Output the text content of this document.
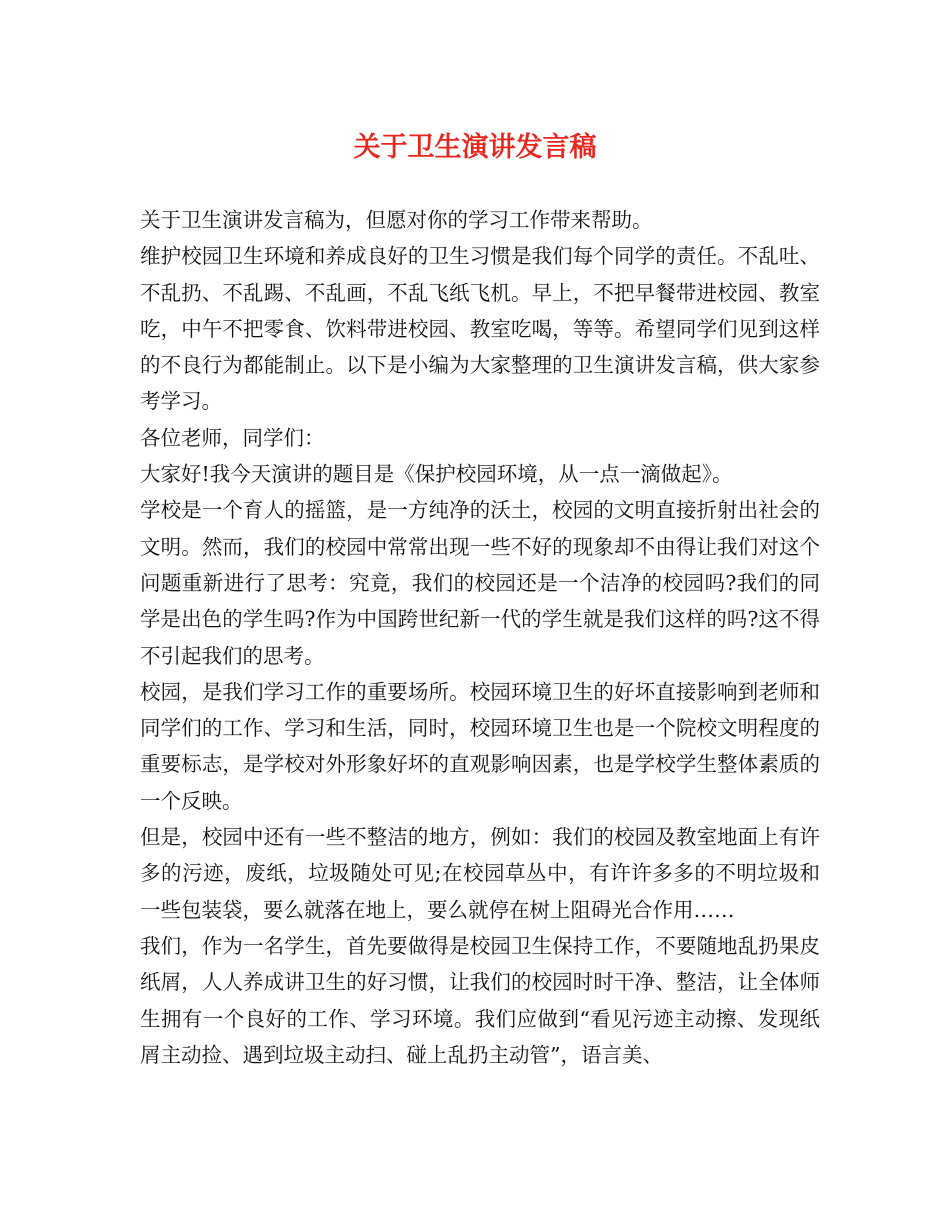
关于卫生演讲发言稿

关于卫生演讲发言稿为，但愿对你的学习工作带来帮助。

维护校园卫生环境和养成良好的卫生习惯是我们每个同学的责任。不乱吐、不乱扔、不乱踢、不乱画，不乱飞纸飞机。早上，不把早餐带进校园、教室吃，中午不把零食、饮料带进校园、教室吃喝，等等。希望同学们见到这样的不良行为都能制止。以下是小编为大家整理的卫生演讲发言稿，供大家参考学习。

各位老师，同学们：

大家好!我今天演讲的题目是《保护校园环境，从一点一滴做起》。

学校是一个育人的摇篮，是一方纯净的沃土，校园的文明直接折射出社会的文明。然而，我们的校园中常常出现一些不好的现象却不由得让我们对这个问题重新进行了思考：究竟，我们的校园还是一个洁净的校园吗?我们的同学是出色的学生吗?作为中国跨世纪新一代的学生就是我们这样的吗?这不得不引起我们的思考。

校园，是我们学习工作的重要场所。校园环境卫生的好坏直接影响到老师和同学们的工作、学习和生活，同时，校园环境卫生也是一个院校文明程度的重要标志，是学校对外形象好坏的直观影响因素，也是学校学生整体素质的一个反映。

但是，校园中还有一些不整洁的地方，例如：我们的校园及教室地面上有许多的污迹，废纸，垃圾随处可见;在校园草丛中，有许许多多的不明垃圾和一些包装袋，要么就落在地上，要么就停在树上阻碍光合作用……

我们，作为一名学生，首先要做得是校园卫生保持工作，不要随地乱扔果皮纸屑，人人养成讲卫生的好习惯，让我们的校园时时干净、整洁，让全体师生拥有一个良好的工作、学习环境。我们应做到“看见污迹主动擦、发现纸屑主动捡、遇到垃圾主动扫、碰上乱扔主动管”，语言美、
